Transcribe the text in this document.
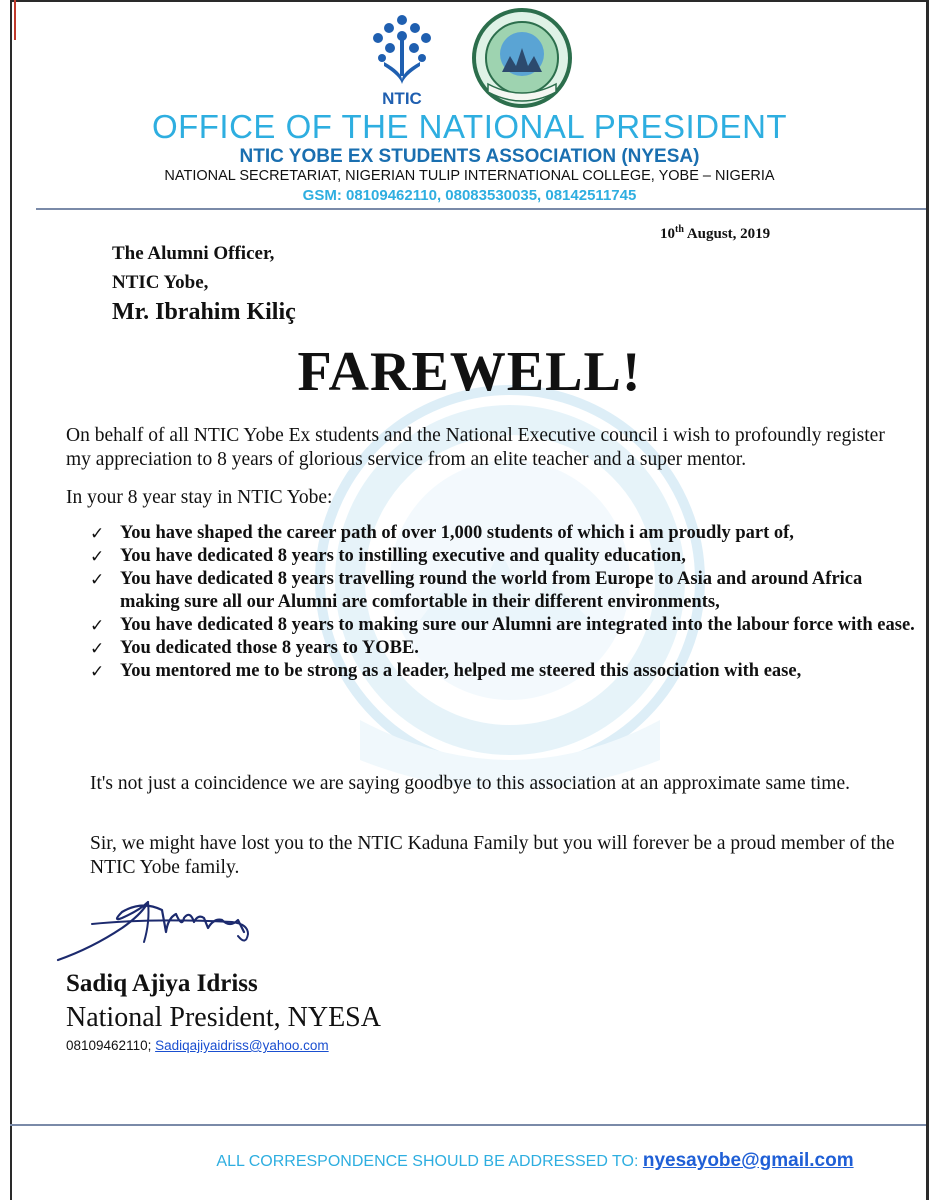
NTIC
OFFICE OF THE NATIONAL PRESIDENT
NTIC YOBE EX STUDENTS ASSOCIATION (NYESA)
NATIONAL SECRETARIAT, NIGERIAN TULIP INTERNATIONAL COLLEGE, YOBE – NIGERIA
GSM: 08109462110, 08083530035, 08142511745
10th August, 2019
The Alumni Officer,
NTIC Yobe,
Mr. Ibrahim Kiliç
FAREWELL!
On behalf of all NTIC Yobe Ex students and the National Executive council i wish to profoundly register my appreciation to 8 years of glorious service from an elite teacher and a super mentor.
In your 8 year stay in NTIC Yobe:
✓ You have shaped the career path of over 1,000 students of which i am proudly part of,
✓ You have dedicated 8 years to instilling executive and quality education,
✓ You have dedicated 8 years travelling round the world from Europe to Asia and around Africa making sure all our Alumni are comfortable in their different environments,
✓ You have dedicated 8 years to making sure our Alumni are integrated into the labour force with ease.
✓ You dedicated those 8 years to YOBE.
✓ You mentored me to be strong as a leader, helped me steered this association with ease,
It's not just a coincidence we are saying goodbye to this association at an approximate same time.
Sir, we might have lost you to the NTIC Kaduna Family but you will forever be a proud member of the NTIC Yobe family.
Sadiq Ajiya Idriss
National President, NYESA
08109462110; Sadiqajiyaidriss@yahoo.com
ALL CORRESPONDENCE SHOULD BE ADDRESSED TO: nyesayobe@gmail.com
